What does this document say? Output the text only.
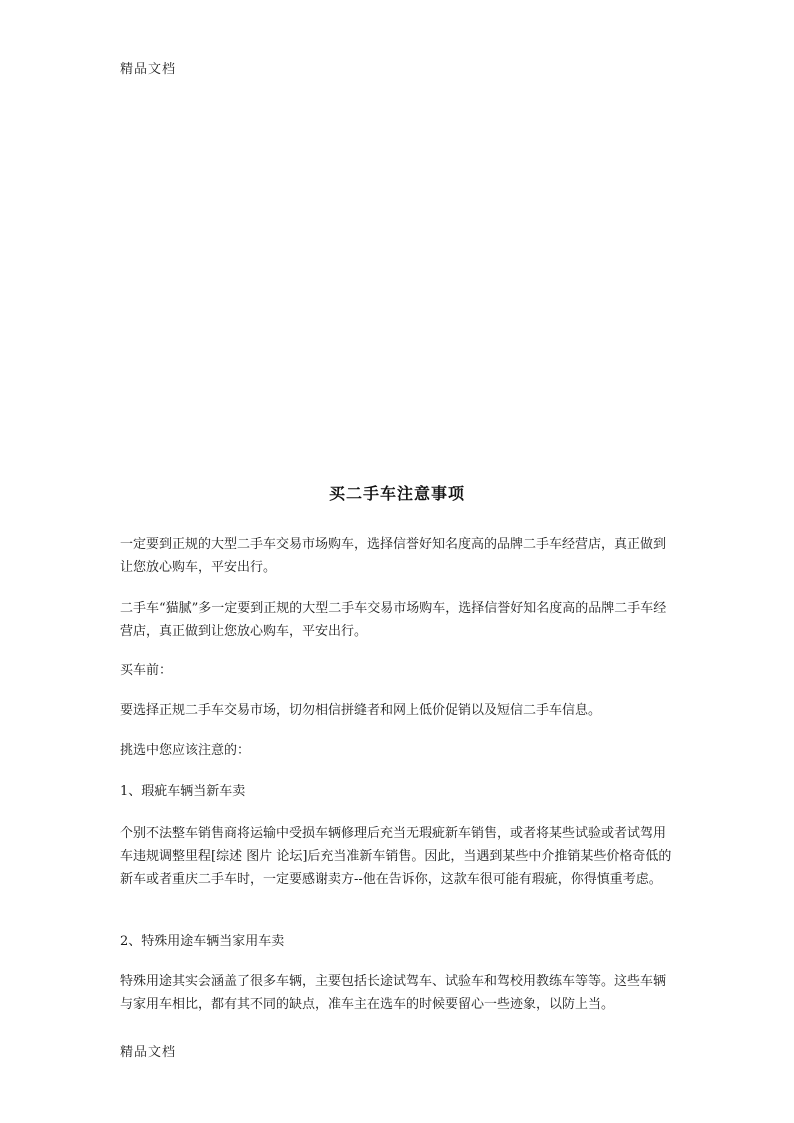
精品文档
买二手车注意事项
一定要到正规的大型二手车交易市场购车，选择信誉好知名度高的品牌二手车经营店，真正做到让您放心购车，平安出行。
二手车“猫腻”多一定要到正规的大型二手车交易市场购车，选择信誉好知名度高的品牌二手车经营店，真正做到让您放心购车，平安出行。
买车前：
要选择正规二手车交易市场，切勿相信拼缝者和网上低价促销以及短信二手车信息。
挑选中您应该注意的：
1、瑕疵车辆当新车卖
个别不法整车销售商将运输中受损车辆修理后充当无瑕疵新车销售，或者将某些试验或者试驾用车违规调整里程[综述 图片 论坛]后充当准新车销售。因此，当遇到某些中介推销某些价格奇低的新车或者重庆二手车时，一定要感谢卖方--他在告诉你，这款车很可能有瑕疵，你得慎重考虑。
2、特殊用途车辆当家用车卖
特殊用途其实会涵盖了很多车辆，主要包括长途试驾车、试验车和驾校用教练车等等。这些车辆与家用车相比，都有其不同的缺点，准车主在选车的时候要留心一些迹象，以防上当。
精品文档
